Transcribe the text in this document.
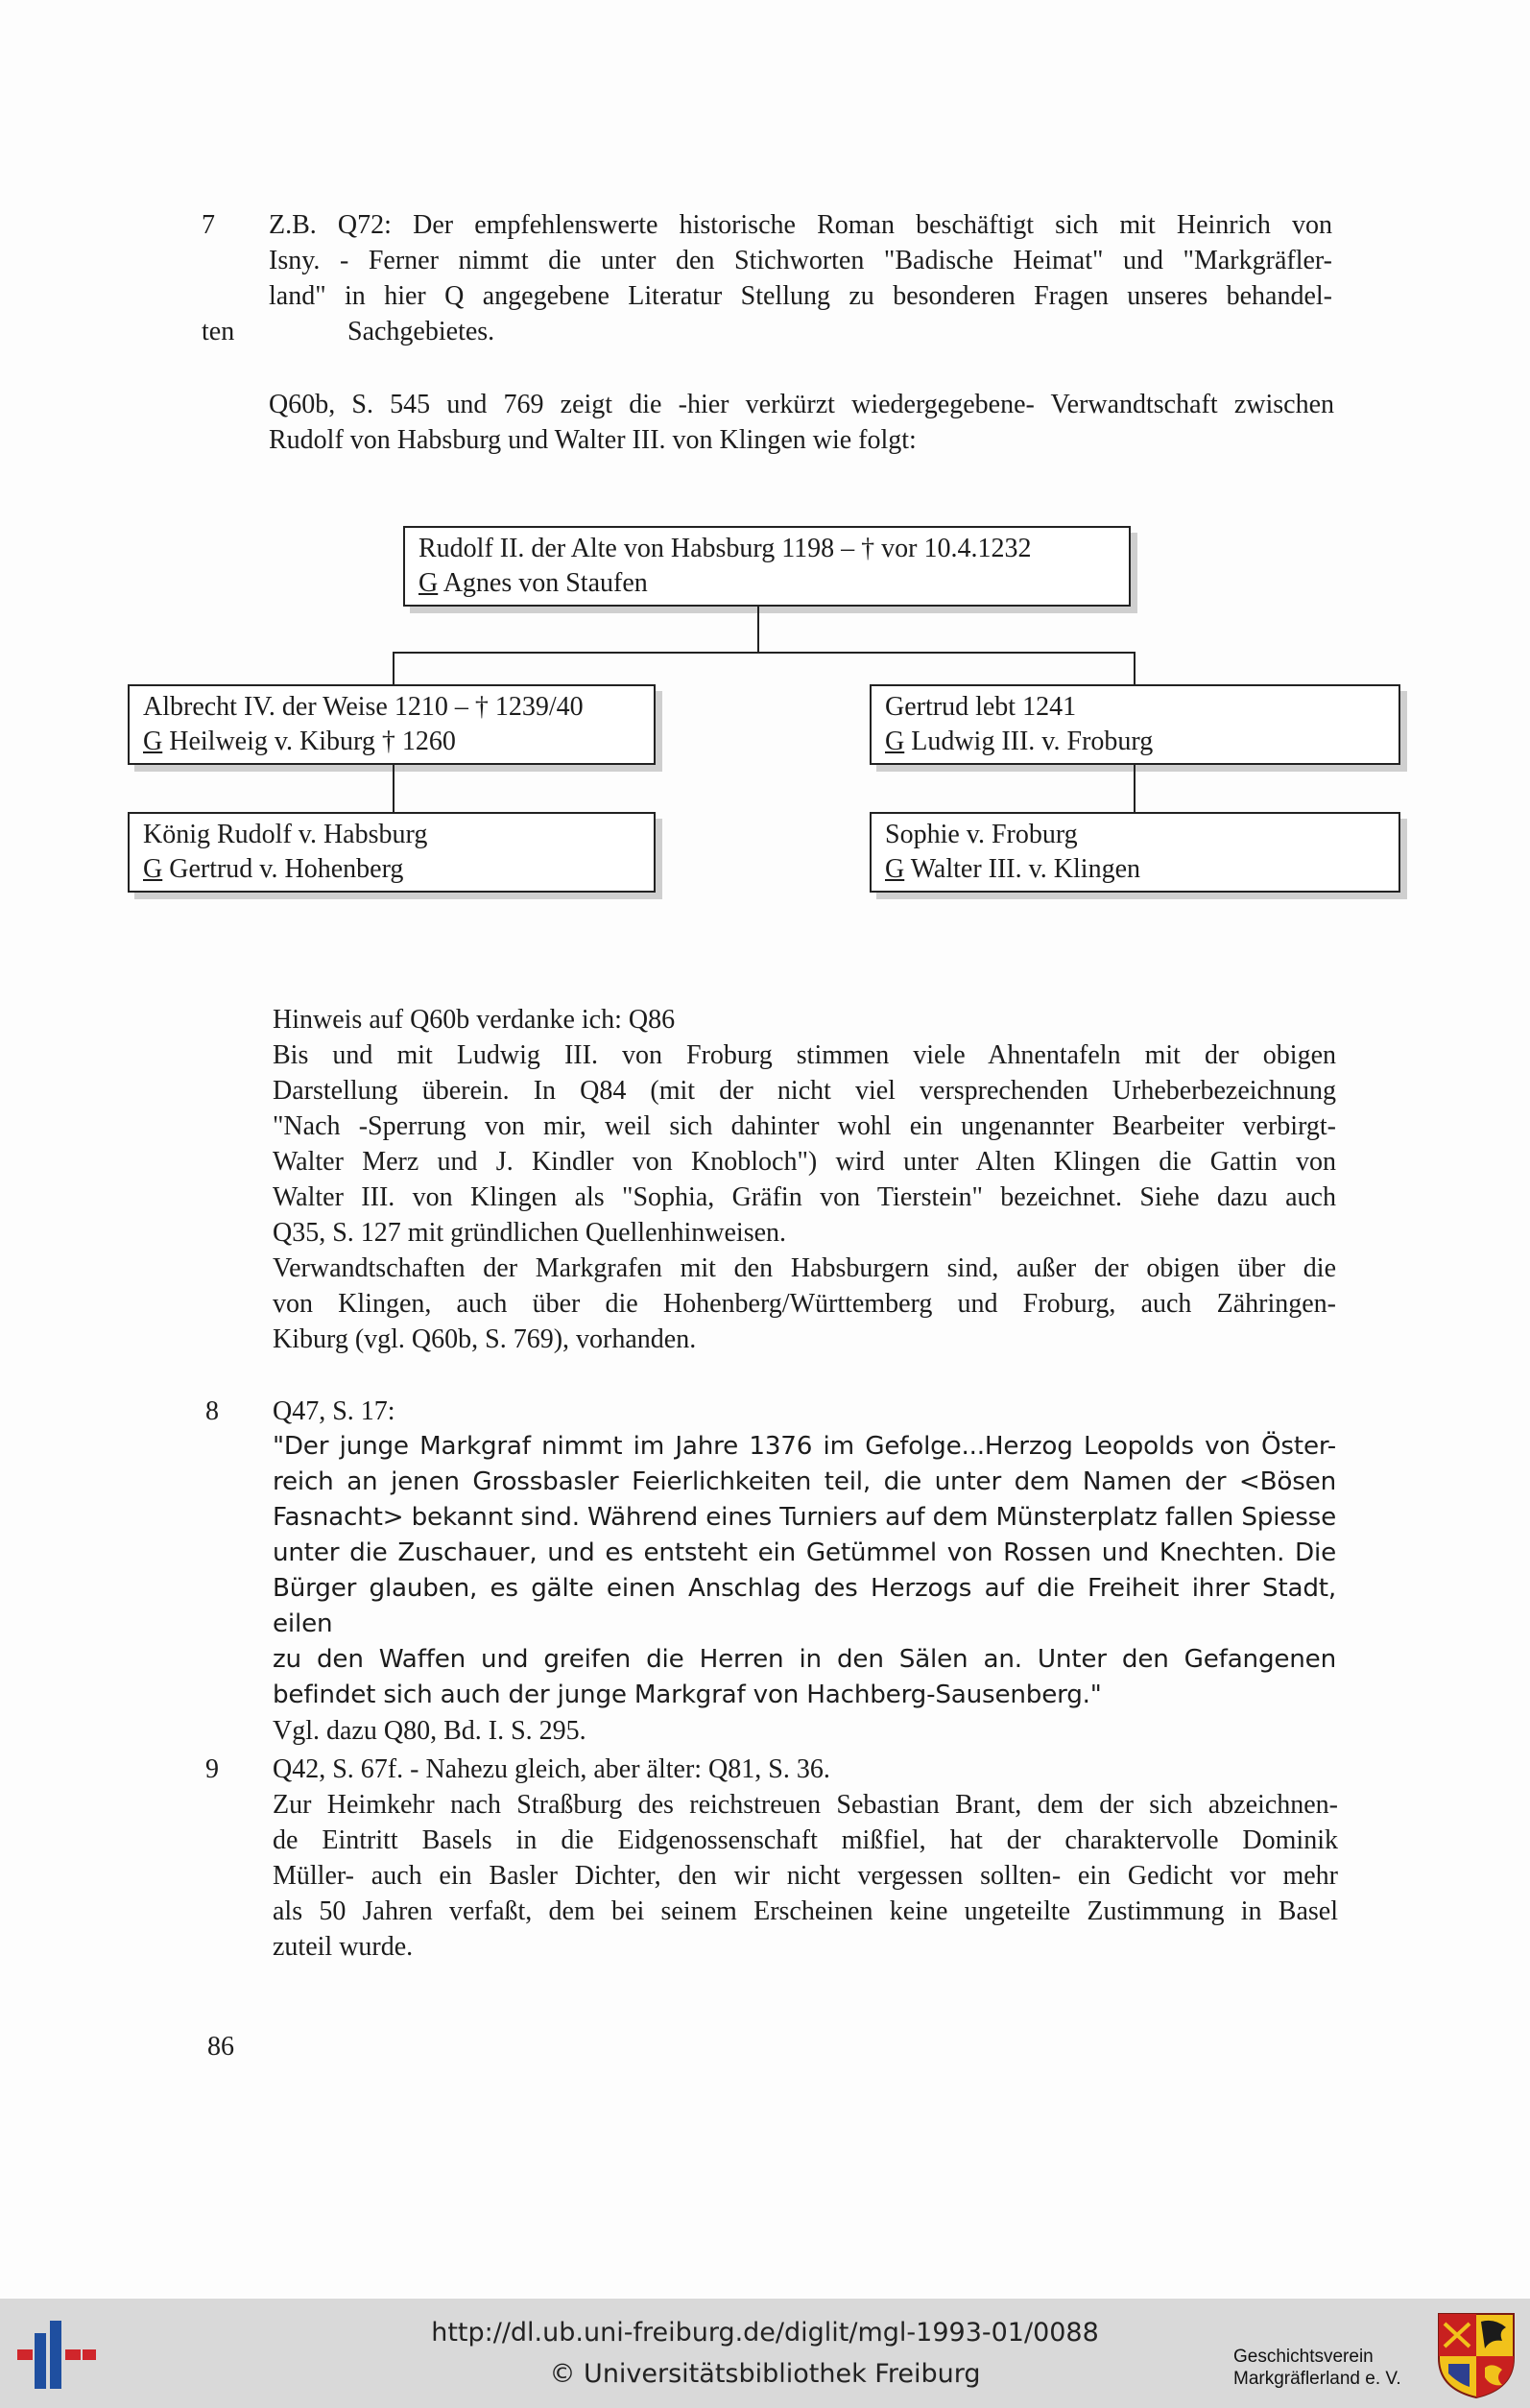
7 Z.B. Q72: Der empfehlenswerte historische Roman beschäftigt sich mit Heinrich von
Isny. - Ferner nimmt die unter den Stichworten "Badische Heimat" und "Markgräfler-
land" in hier Q angegebene Literatur Stellung zu besonderen Fragen unseres behandel-
ten	Sachgebietes.
Q60b, S. 545 und 769 zeigt die -hier verkürzt wiedergegebene- Verwandtschaft zwischen
Rudolf von Habsburg und Walter III. von Klingen wie folgt:
Rudolf II. der Alte von Habsburg 1198 – † vor 10.4.1232
G Agnes von Staufen
Albrecht IV. der Weise 1210 – † 1239/40
G Heilweig v. Kiburg † 1260
Gertrud lebt 1241
G Ludwig III. v. Froburg
König Rudolf v. Habsburg
G Gertrud v. Hohenberg
Sophie v. Froburg
G Walter III. v. Klingen
Hinweis auf Q60b verdanke ich: Q86
Bis und mit Ludwig III. von Froburg stimmen viele Ahnentafeln mit der obigen
Darstellung überein. In Q84 (mit der nicht viel versprechenden Urheberbezeichnung
"Nach -Sperrung von mir, weil sich dahinter wohl ein ungenannter Bearbeiter verbirgt-
Walter Merz und J. Kindler von Knobloch") wird unter Alten Klingen die Gattin von
Walter III. von Klingen als "Sophia, Gräfin von Tierstein" bezeichnet. Siehe dazu auch
Q35, S. 127 mit gründlichen Quellenhinweisen.
Verwandtschaften der Markgrafen mit den Habsburgern sind, außer der obigen über die
von Klingen, auch über die Hohenberg/Württemberg und Froburg, auch Zähringen-
Kiburg (vgl. Q60b, S. 769), vorhanden.
8 Q47, S. 17:
"Der junge Markgraf nimmt im Jahre 1376 im Gefolge...Herzog Leopolds von Öster-
reich an jenen Grossbasler Feierlichkeiten teil, die unter dem Namen der <Bösen
Fasnacht> bekannt sind. Während eines Turniers auf dem Münsterplatz fallen Spiesse
unter die Zuschauer, und es entsteht ein Getümmel von Rossen und Knechten. Die
Bürger glauben, es gälte einen Anschlag des Herzogs auf die Freiheit ihrer Stadt, eilen
zu den Waffen und greifen die Herren in den Sälen an. Unter den Gefangenen
befindet sich auch der junge Markgraf von Hachberg-Sausenberg."
Vgl. dazu Q80, Bd. I. S. 295.
9 Q42, S. 67f. - Nahezu gleich, aber älter: Q81, S. 36.
Zur Heimkehr nach Straßburg des reichstreuen Sebastian Brant, dem der sich abzeichnen-
de Eintritt Basels in die Eidgenossenschaft mißfiel, hat der charaktervolle Dominik
Müller- auch ein Basler Dichter, den wir nicht vergessen sollten- ein Gedicht vor mehr
als 50 Jahren verfaßt, dem bei seinem Erscheinen keine ungeteilte Zustimmung in Basel
zuteil wurde.
86
http://dl.ub.uni-freiburg.de/diglit/mgl-1993-01/0088
© Universitätsbibliothek Freiburg
Geschichtsverein
Markgräflerland e. V.
